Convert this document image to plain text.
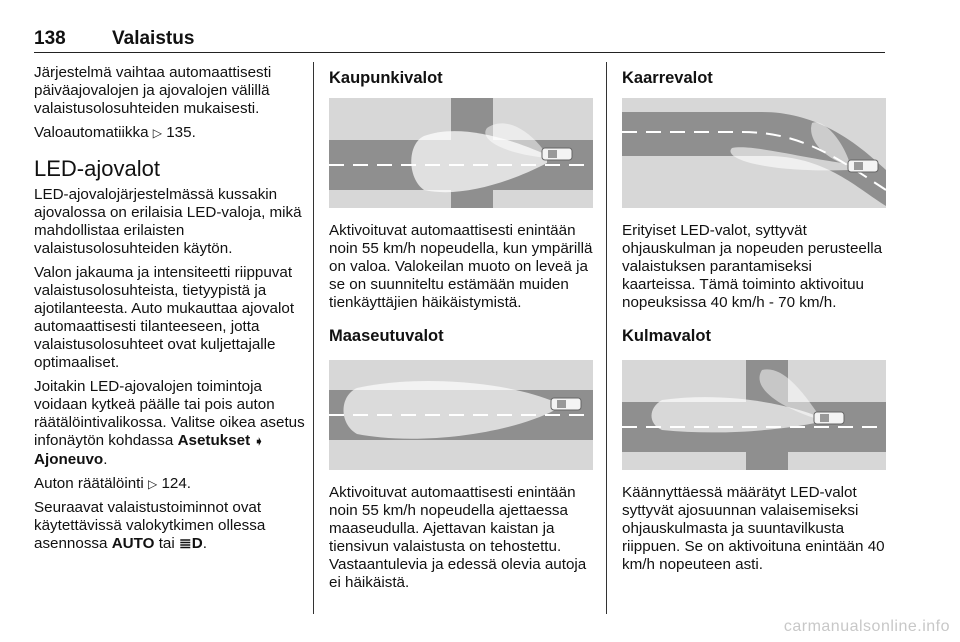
138 Valaistus

Järjestelmä vaihtaa automaattisesti päiväajovalojen ja ajovalojen välillä valaistusolosuhteiden mukaisesti.

Valoautomatiikka ▷ 135.

LED-ajovalot

LED-ajovalojärjestelmässä kussakin ajovalossa on erilaisia LED-valoja, mikä mahdollistaa erilaisten valaistusolosuhteiden käytön.

Valon jakauma ja intensiteetti riippuvat valaistusolosuhteista, tietyypistä ja ajotilanteesta. Auto mukauttaa ajovalot automaattisesti tilanteeseen, jotta valaistusolosuhteet ovat kuljettajalle optimaaliset.

Joitakin LED-ajovalojen toimintoja voidaan kytkeä päälle tai pois auton räätälöintivalikossa. Valitse oikea asetus infonäytön kohdassa Asetukset ➧ Ajoneuvo.

Auton räätälöinti ▷ 124.

Seuraavat valaistustoiminnot ovat käytettävissä valokytkimen ollessa asennossa AUTO tai ≣D.

Kaupunkivalot

Aktivoituvat automaattisesti enintään noin 55 km/h nopeudella, kun ympärillä on valoa. Valokeilan muoto on leveä ja se on suunniteltu estämään muiden tienkäyttäjien häikäistymistä.

Maaseutuvalot

Aktivoituvat automaattisesti enintään noin 55 km/h nopeudella ajettaessa maaseudulla. Ajettavan kaistan ja tiensivun valaistusta on tehostettu. Vastaantulevia ja edessä olevia autoja ei häikäistä.

Kaarrevalot

Erityiset LED-valot, syttyvät ohjauskulman ja nopeuden perusteella valaistuksen parantamiseksi kaarteissa. Tämä toiminto aktivoituu nopeuksissa 40 km/h - 70 km/h.

Kulmavalot

Käännyttäessä määrätyt LED-valot syttyvät ajosuunnan valaisemiseksi ohjauskulmasta ja suuntavilkusta riippuen. Se on aktivoituna enintään 40 km/h nopeuteen asti.

carmanualsonline.info
